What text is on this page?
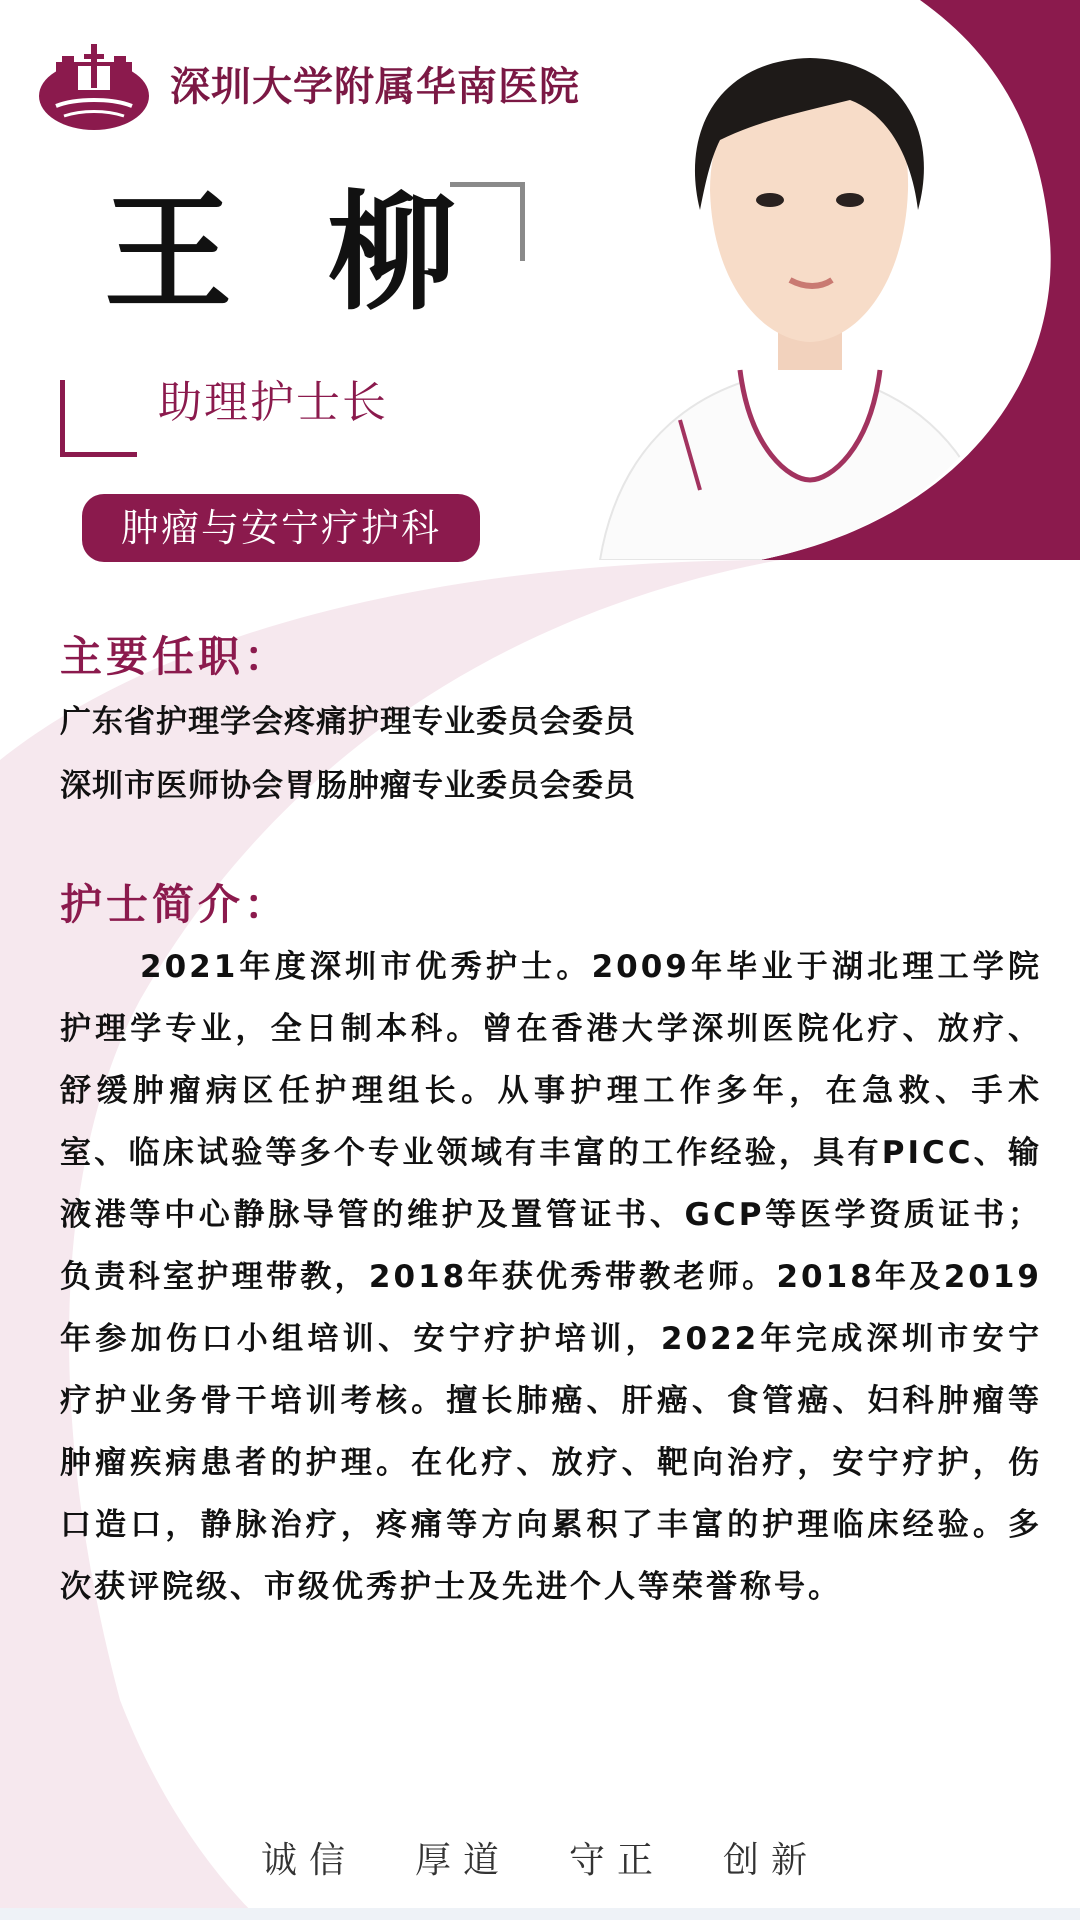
深圳大学附属华南医院
王柳
助理护士长
肿瘤与安宁疗护科
主要任职：
广东省护理学会疼痛护理专业委员会委员
深圳市医师协会胃肠肿瘤专业委员会委员
护士简介：
2021年度深圳市优秀护士。2009年毕业于湖北理工学院护理学专业，全日制本科。曾在香港大学深圳医院化疗、放疗、舒缓肿瘤病区任护理组长。从事护理工作多年，在急救、手术室、临床试验等多个专业领域有丰富的工作经验，具有PICC、输液港等中心静脉导管的维护及置管证书、GCP等医学资质证书；负责科室护理带教，2018年获优秀带教老师。2018年及2019年参加伤口小组培训、安宁疗护培训，2022年完成深圳市安宁疗护业务骨干培训考核。擅长肺癌、肝癌、食管癌、妇科肿瘤等肿瘤疾病患者的护理。在化疗、放疗、靶向治疗，安宁疗护，伤口造口，静脉治疗，疼痛等方向累积了丰富的护理临床经验。多次获评院级、市级优秀护士及先进个人等荣誉称号。
诚信 厚道 守正 创新
